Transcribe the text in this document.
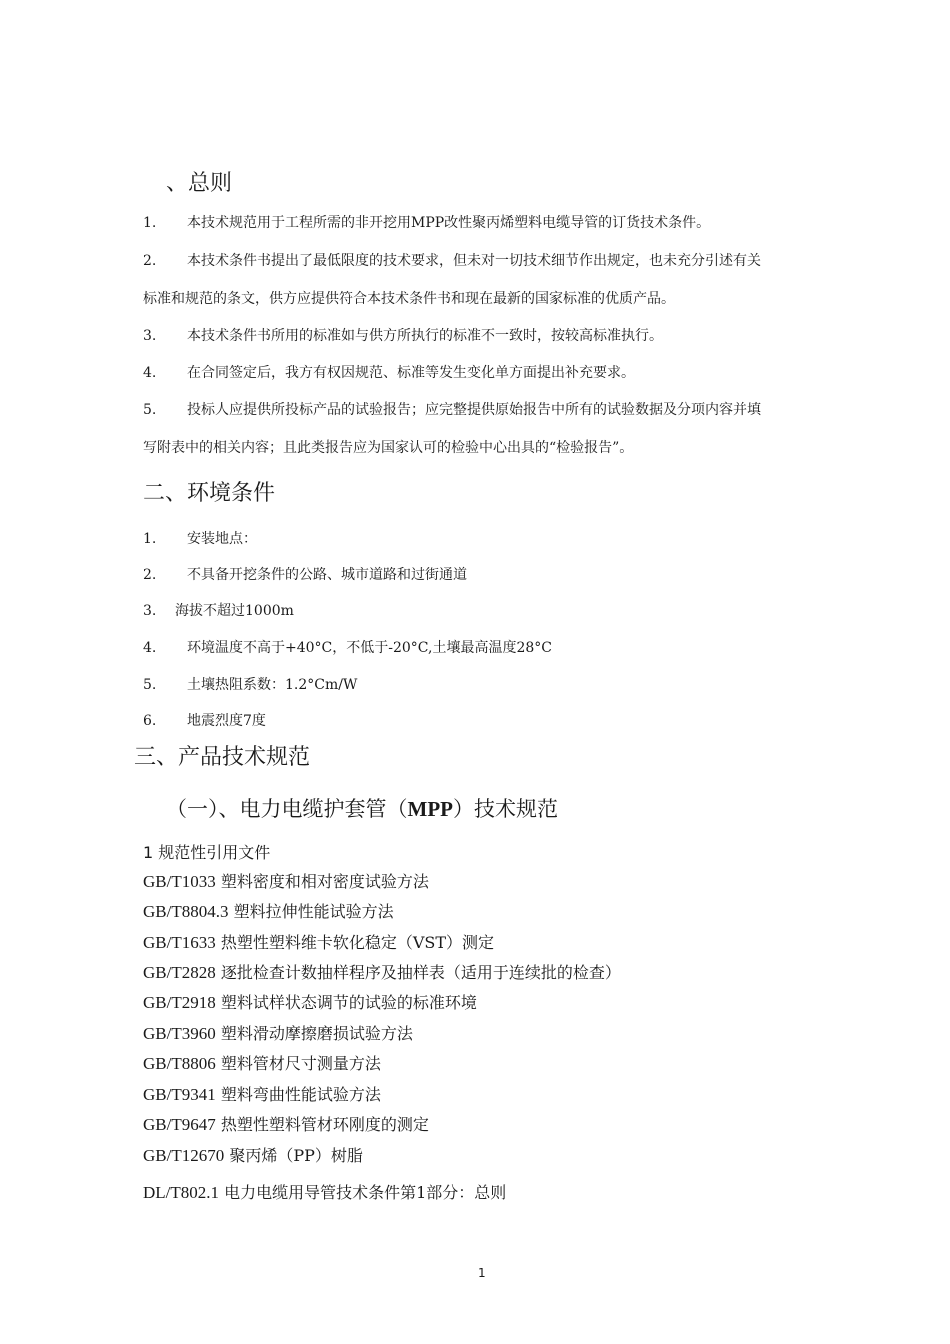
、总则
1. 本技术规范用于工程所需的非开挖用MPP改性聚丙烯塑料电缆导管的订货技术条件。
2. 本技术条件书提出了最低限度的技术要求，但未对一切技术细节作出规定，也未充分引述有关
标准和规范的条文，供方应提供符合本技术条件书和现在最新的国家标准的优质产品。
3. 本技术条件书所用的标准如与供方所执行的标准不一致时，按较高标准执行。
4. 在合同签定后，我方有权因规范、标准等发生变化单方面提出补充要求。
5. 投标人应提供所投标产品的试验报告；应完整提供原始报告中所有的试验数据及分项内容并填
写附表中的相关内容；且此类报告应为国家认可的检验中心出具的“检验报告”。
二、环境条件
1. 安装地点：
2. 不具备开挖条件的公路、城市道路和过街通道
3. 海拔不超过1000m
4. 环境温度不高于+40°C，不低于-20°C,土壤最高温度28°C
5. 土壤热阻系数：1.2°Cm/W
6. 地震烈度7度
三、产品技术规范
（一）、电力电缆护套管（MPP）技术规范
1 规范性引用文件
GB/T1033 塑料密度和相对密度试验方法
GB/T8804.3 塑料拉伸性能试验方法
GB/T1633 热塑性塑料维卡软化稳定（VST）测定
GB/T2828 逐批检查计数抽样程序及抽样表（适用于连续批的检查）
GB/T2918 塑料试样状态调节的试验的标准环境
GB/T3960 塑料滑动摩擦磨损试验方法
GB/T8806 塑料管材尺寸测量方法
GB/T9341 塑料弯曲性能试验方法
GB/T9647 热塑性塑料管材环刚度的测定
GB/T12670 聚丙烯（PP）树脂
DL/T802.1 电力电缆用导管技术条件第1部分：总则
1
